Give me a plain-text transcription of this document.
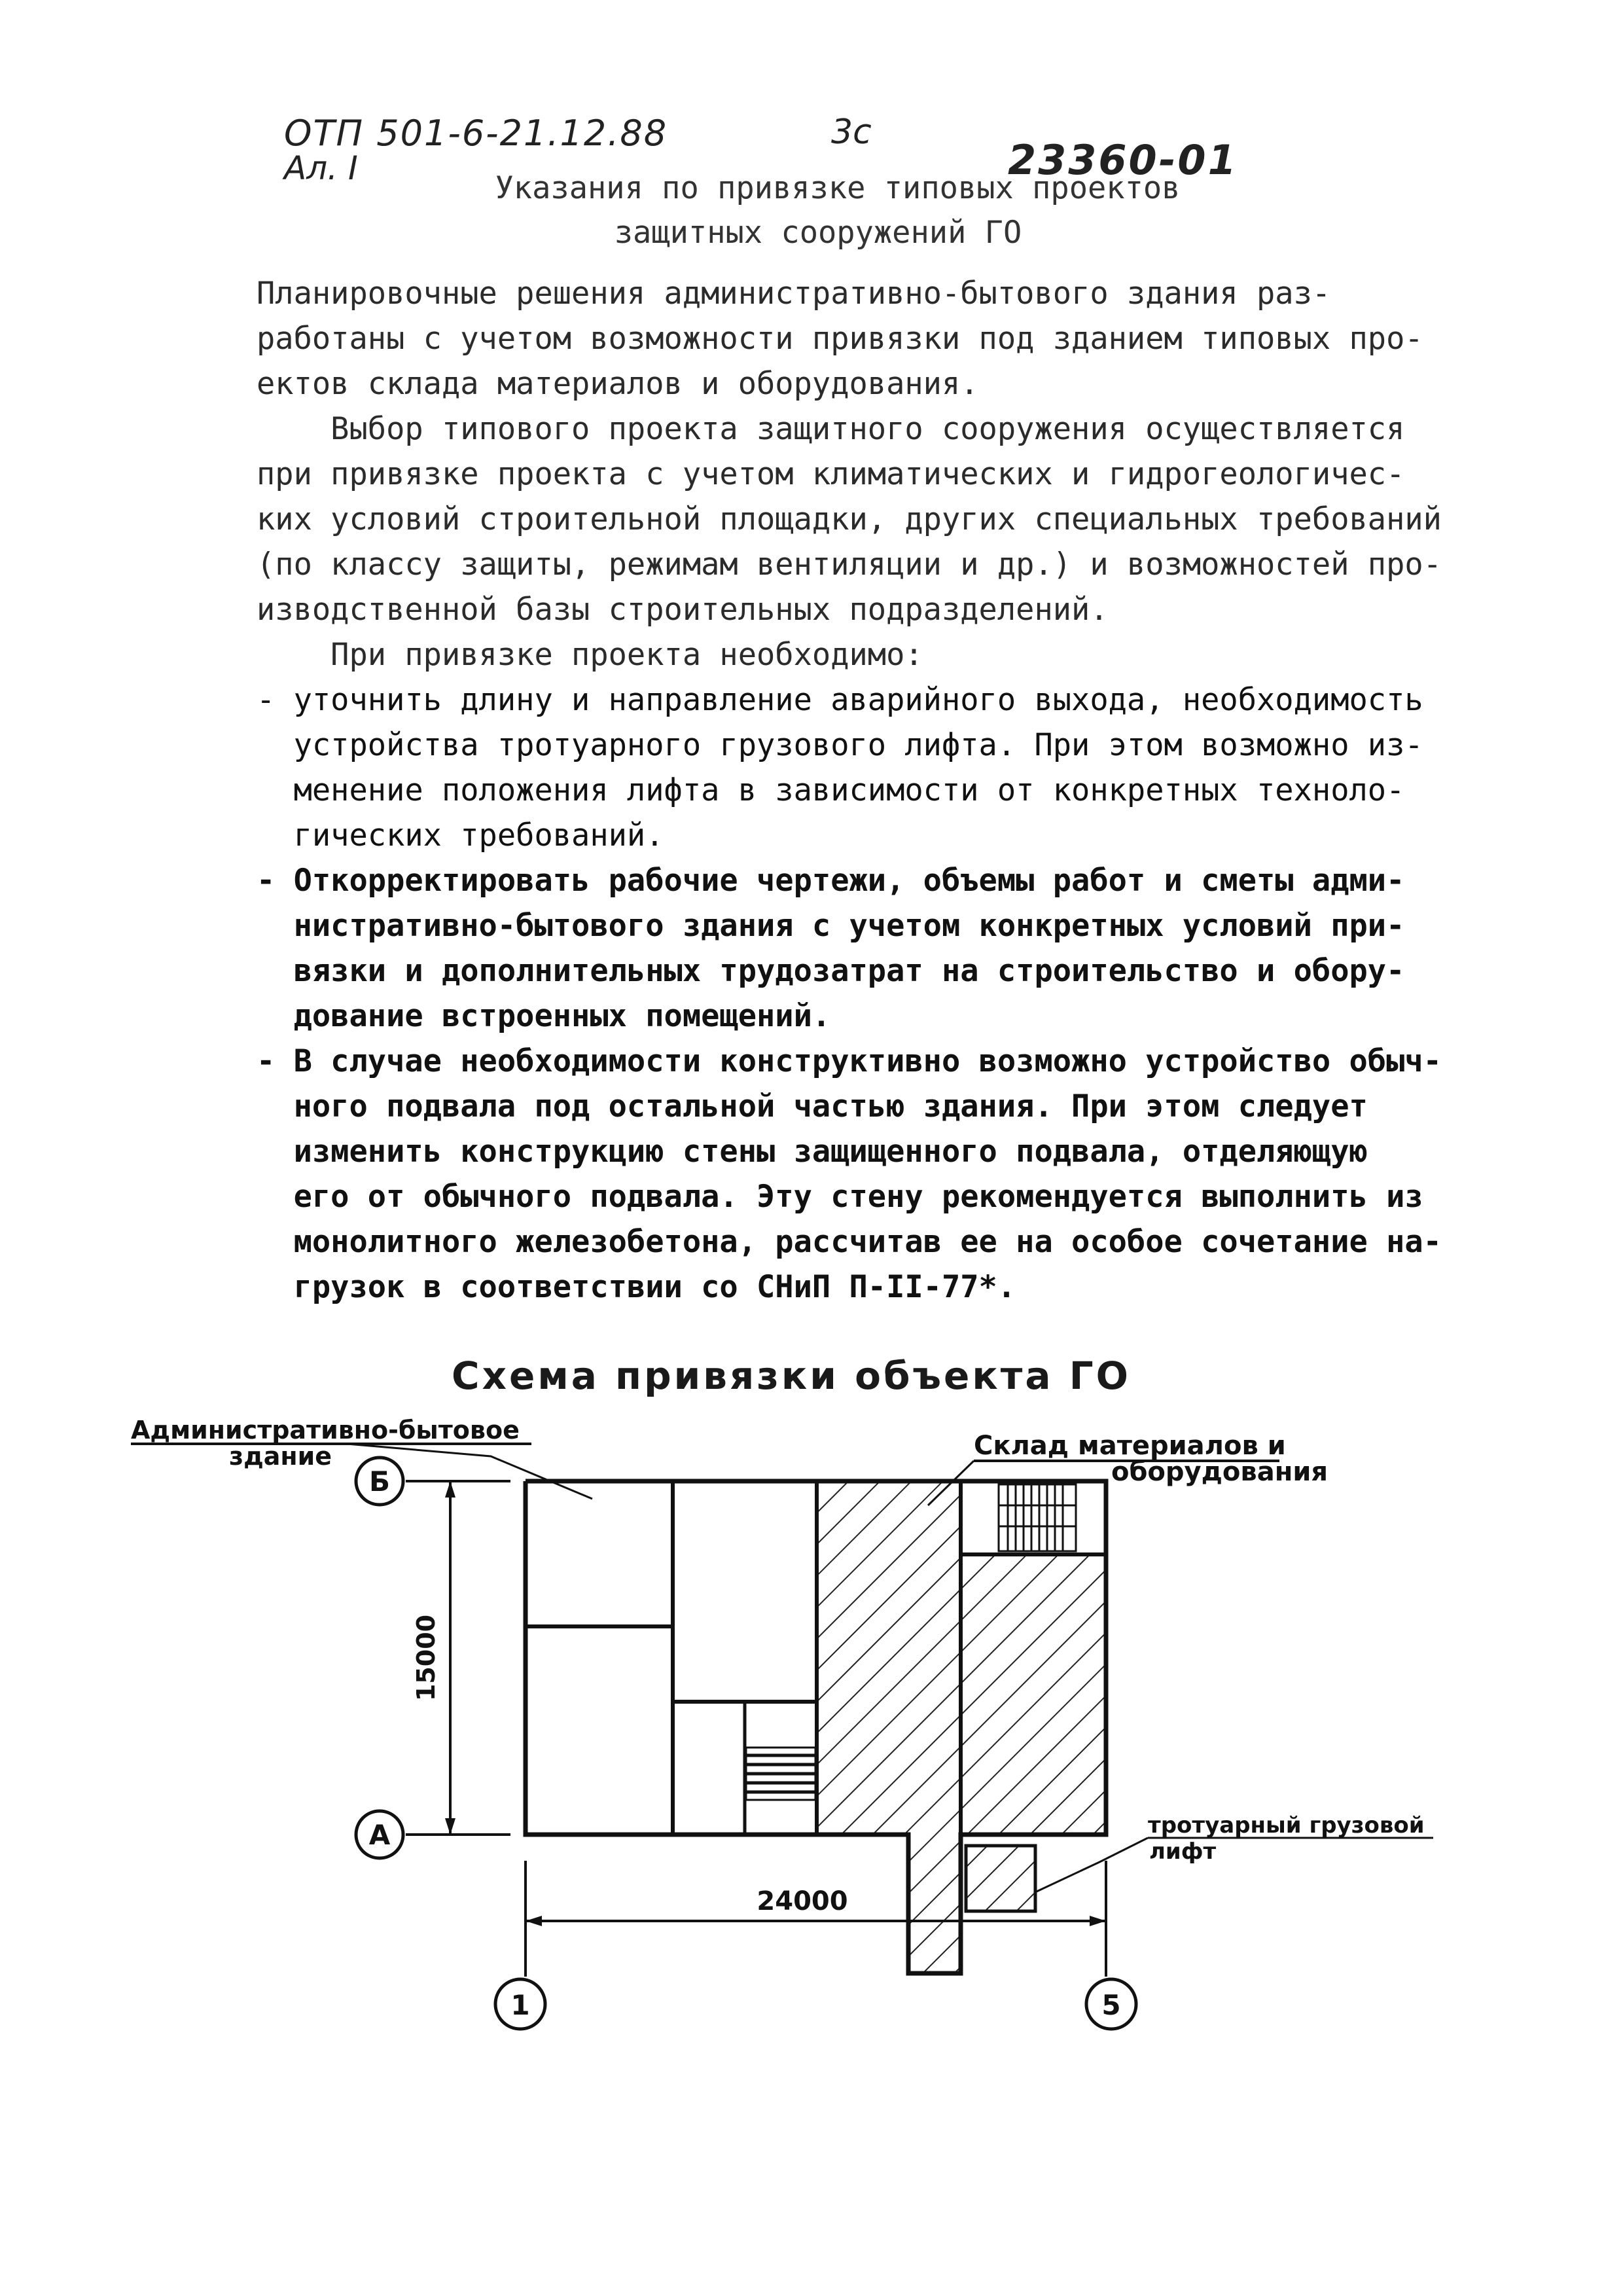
ОТП 501-6-21.12.88
Ал. I
3с
23360-01
Указания по привязке типовых проектов
защитных сооружений ГО
Планировочные решения административно-бытового здания раз-
работаны с учетом возможности привязки под зданием типовых про-
ектов склада материалов и оборудования.
Выбор типового проекта защитного сооружения осуществляется
при привязке проекта с учетом климатических и гидрогеологичес-
ких условий строительной площадки, других специальных требований
(по классу защиты, режимам вентиляции и др.) и возможностей про-
изводственной базы строительных подразделений.
При привязке проекта необходимо:
- уточнить длину и направление аварийного выхода, необходимость
устройства тротуарного грузового лифта. При этом возможно из-
менение положения лифта в зависимости от конкретных техноло-
гических требований.
- Откорректировать рабочие чертежи, объемы работ и сметы адми-
нистративно-бытового здания с учетом конкретных условий при-
вязки и дополнительных трудозатрат на строительство и обору-
дование встроенных помещений.
- В случае необходимости конструктивно возможно устройство обыч-
ного подвала под остальной частью здания. При этом следует
изменить конструкцию стены защищенного подвала, отделяющую
его от обычного подвала. Эту стену рекомендуется выполнить из
монолитного железобетона, рассчитав ее на особое сочетание на-
грузок в соответствии со СНиП П-II-77*.
Схема привязки объекта ГО
Административно-бытовое
здание	Склад материалов и
оборудования
тротуарный грузовой
лифт
Б
А
1	5
15000
24000
